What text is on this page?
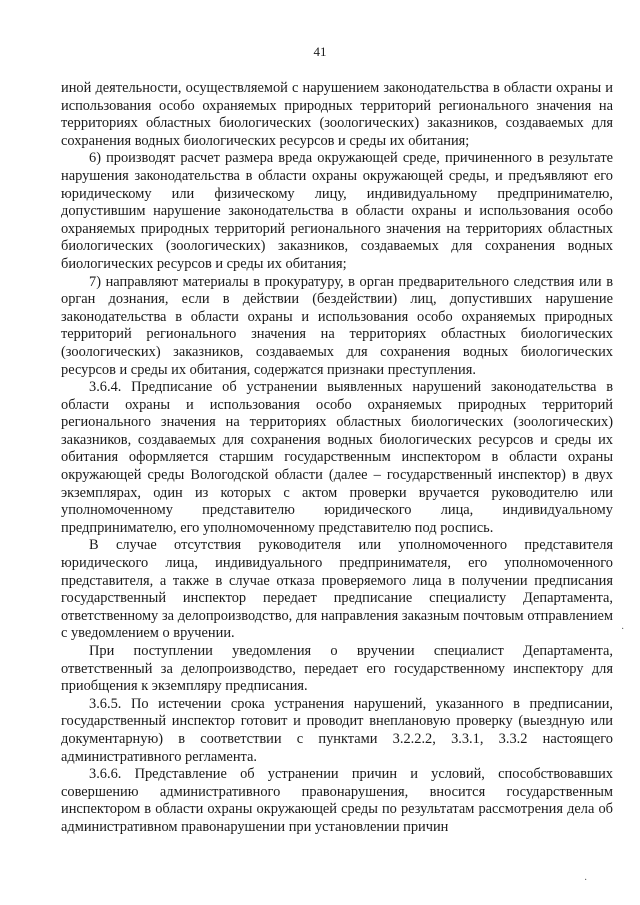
41

иной деятельности, осуществляемой с нарушением законодательства в области охраны и использования особо охраняемых природных территорий регионального значения на территориях областных биологических (зоологических) заказников, создаваемых для сохранения водных биологических ресурсов и среды их обитания;

6) производят расчет размера вреда окружающей среде, причиненного в результате нарушения законодательства в области охраны окружающей среды, и предъявляют его юридическому или физическому лицу, индивидуальному предпринимателю, допустившим нарушение законодательства в области охраны и использования особо охраняемых природных территорий регионального значения на территориях областных биологических (зоологических) заказников, создаваемых для сохранения водных биологических ресурсов и среды их обитания;

7) направляют материалы в прокуратуру, в орган предварительного следствия или в орган дознания, если в действии (бездействии) лиц, допустивших нарушение законодательства в области охраны и использования особо охраняемых природных территорий регионального значения на территориях областных биологических (зоологических) заказников, создаваемых для сохранения водных биологических ресурсов и среды их обитания, содержатся признаки преступления.

3.6.4. Предписание об устранении выявленных нарушений законодательства в области охраны и использования особо охраняемых природных территорий регионального значения на территориях областных биологических (зоологических) заказников, создаваемых для сохранения водных биологических ресурсов и среды их обитания оформляется старшим государственным инспектором в области охраны окружающей среды Вологодской области (далее – государственный инспектор) в двух экземплярах, один из которых с актом проверки вручается руководителю или уполномоченному представителю юридического лица, индивидуальному предпринимателю, его уполномоченному представителю под роспись.

В случае отсутствия руководителя или уполномоченного представителя юридического лица, индивидуального предпринимателя, его уполномоченного представителя, а также в случае отказа проверяемого лица в получении предписания государственный инспектор передает предписание специалисту Департамента, ответственному за делопроизводство, для направления заказным почтовым отправлением с уведомлением о вручении.

При поступлении уведомления о вручении специалист Департамента, ответственный за делопроизводство, передает его государственному инспектору для приобщения к экземпляру предписания.

3.6.5. По истечении срока устранения нарушений, указанного в предписании, государственный инспектор готовит и проводит внеплановую проверку (выездную или документарную) в соответствии с пунктами 3.2.2.2, 3.3.1, 3.3.2 настоящего административного регламента.

3.6.6. Представление об устранении причин и условий, способствовавших совершению административного правонарушения, вносится государственным инспектором в области охраны окружающей среды по результатам рассмотрения дела об административном правонарушении при установлении причин

·
·
